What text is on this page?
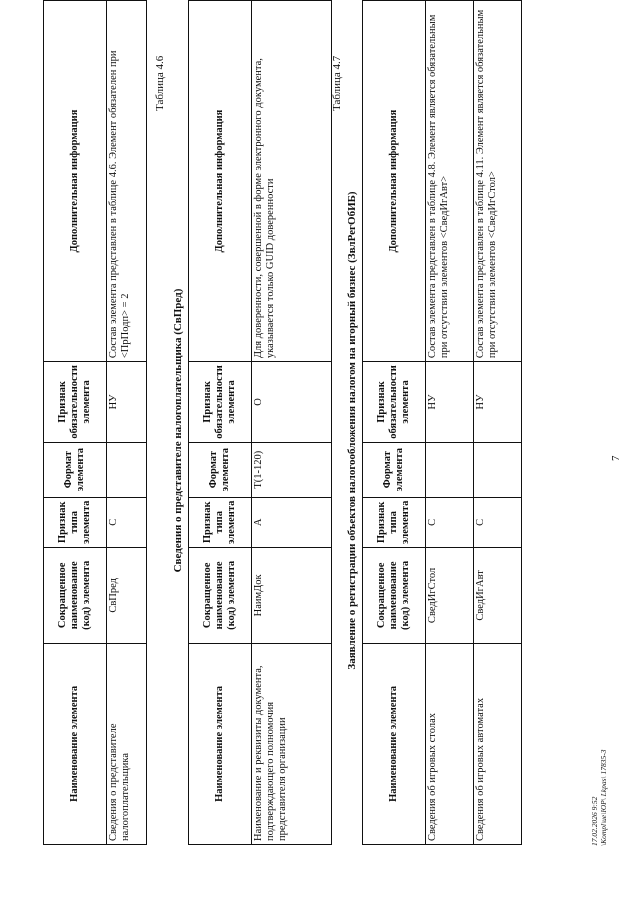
7
Наименование элемента	Сокращенное наименование (код) элемента	Признак типа элемента	Формат элемента	Признак обязательности элемента	Дополнительная информация
Сведения о представителе налогоплательщика	СвПред	С		НУ	Состав элемента представлен в таблице 4.6. Элемент обязателен при <ПрПодп> = 2
Таблица 4.6
Сведения о представителе налогоплательщика (СвПред)
Наименование элемента	Сокращенное наименование (код) элемента	Признак типа элемента	Формат элемента	Признак обязательности элемента	Дополнительная информация
Наименование и реквизиты документа, подтверждающего полномочия представителя организации	НаимДок	А	Т(1-120)	О	Для доверенности, совершенной в форме электронного документа, указывается только GUID доверенности
Таблица 4.7
Заявление о регистрации объектов налогообложения налогом на игорный бизнес (ЗвлРегОбИБ)
Наименование элемента	Сокращенное наименование (код) элемента	Признак типа элемента	Формат элемента	Признак обязательности элемента	Дополнительная информация
Сведения об игровых столах	СведИгСтол	С		НУ	Состав элемента представлен в таблице 4.8. Элемент является обязательным при отсутствии элементов <СведИгАвт>
Сведения об игровых автоматах	СведИгАвт	С		НУ	Состав элемента представлен в таблице 4.11. Элемент является обязательным при отсутствии элементов <СведИгСтол>
17.02.2026 9:52 \Kompl\ue\ЮР\ Lkpas\ 17835-3
